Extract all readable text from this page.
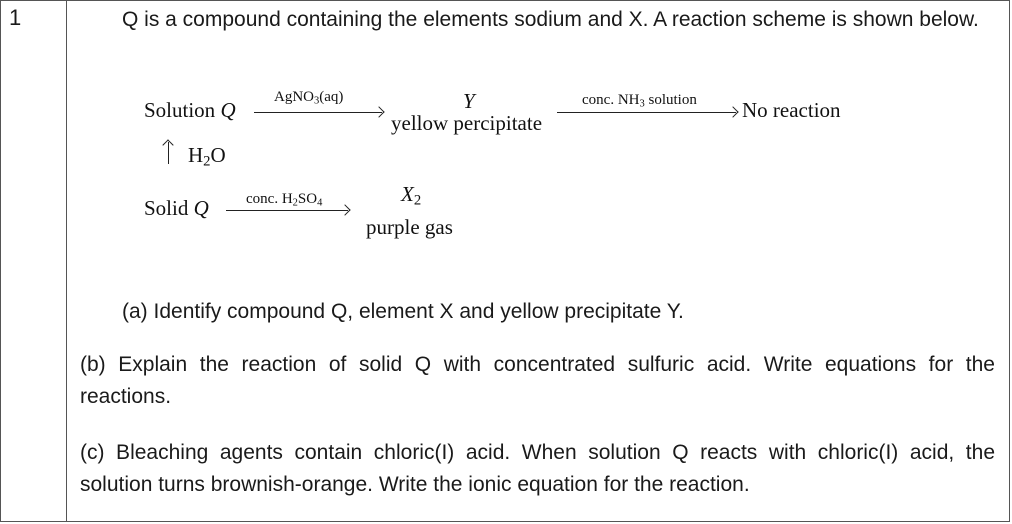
1	Q is a compound containing the elements sodium and X. A reaction scheme is shown below.

Solution Q
AgNO$_3$(aq)	Y
yellow percipitate
conc. $NH_3$ solution No reaction
$H_2O$
Solid Q conc. $H_2SO_4$	$X_2$
purple gas

(a) Identify compound Q, element X and yellow precipitate Y.

(b) Explain the reaction of solid Q with concentrated sulfuric acid. Write equations for the reactions.

(c) Bleaching agents contain chloric(I) acid. When solution Q reacts with chloric(I) acid, the solution turns brownish-orange. Write the ionic equation for the reaction.
